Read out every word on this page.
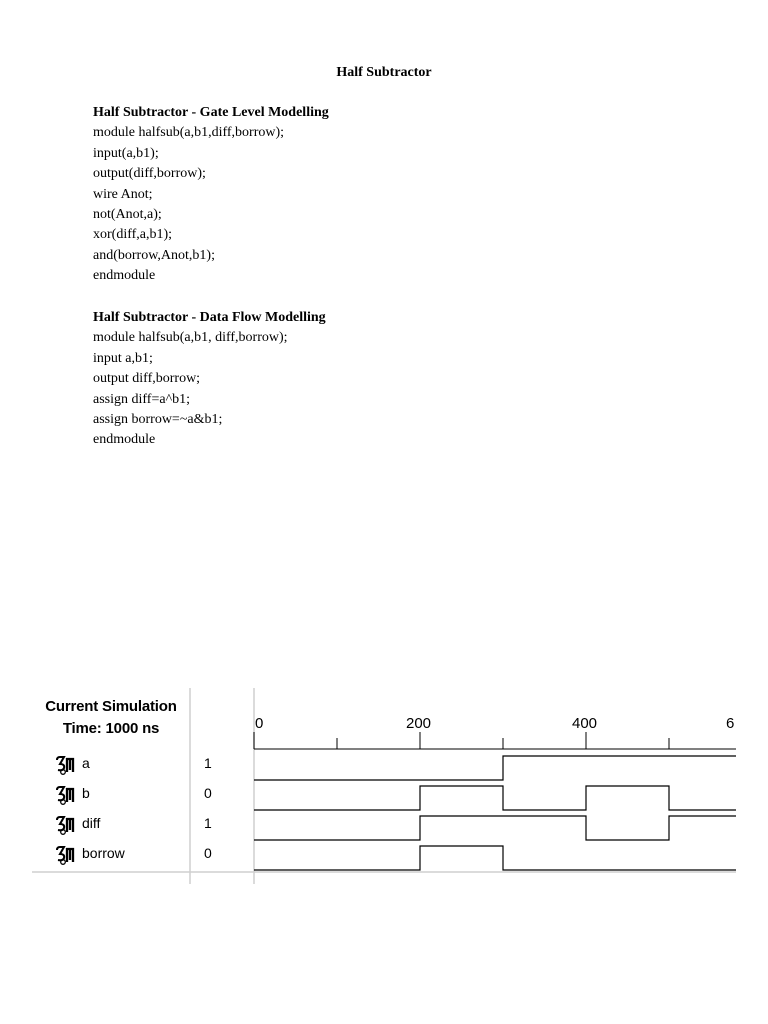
Half Subtractor
Half Subtractor - Gate Level Modelling
module halfsub(a,b1,diff,borrow);
input(a,b1);
output(diff,borrow);
wire Anot;
not(Anot,a);
xor(diff,a,b1);
and(borrow,Anot,b1);
endmodule
Half Subtractor - Data Flow Modelling
module halfsub(a,b1, diff,borrow);
input a,b1;
output diff,borrow;
assign diff=a^b1;
assign borrow=~a&b1;
endmodule
Current Simulation
Time: 1000 ns
a	1
b	0
diff	1
borrow	0
0	200	400	6
